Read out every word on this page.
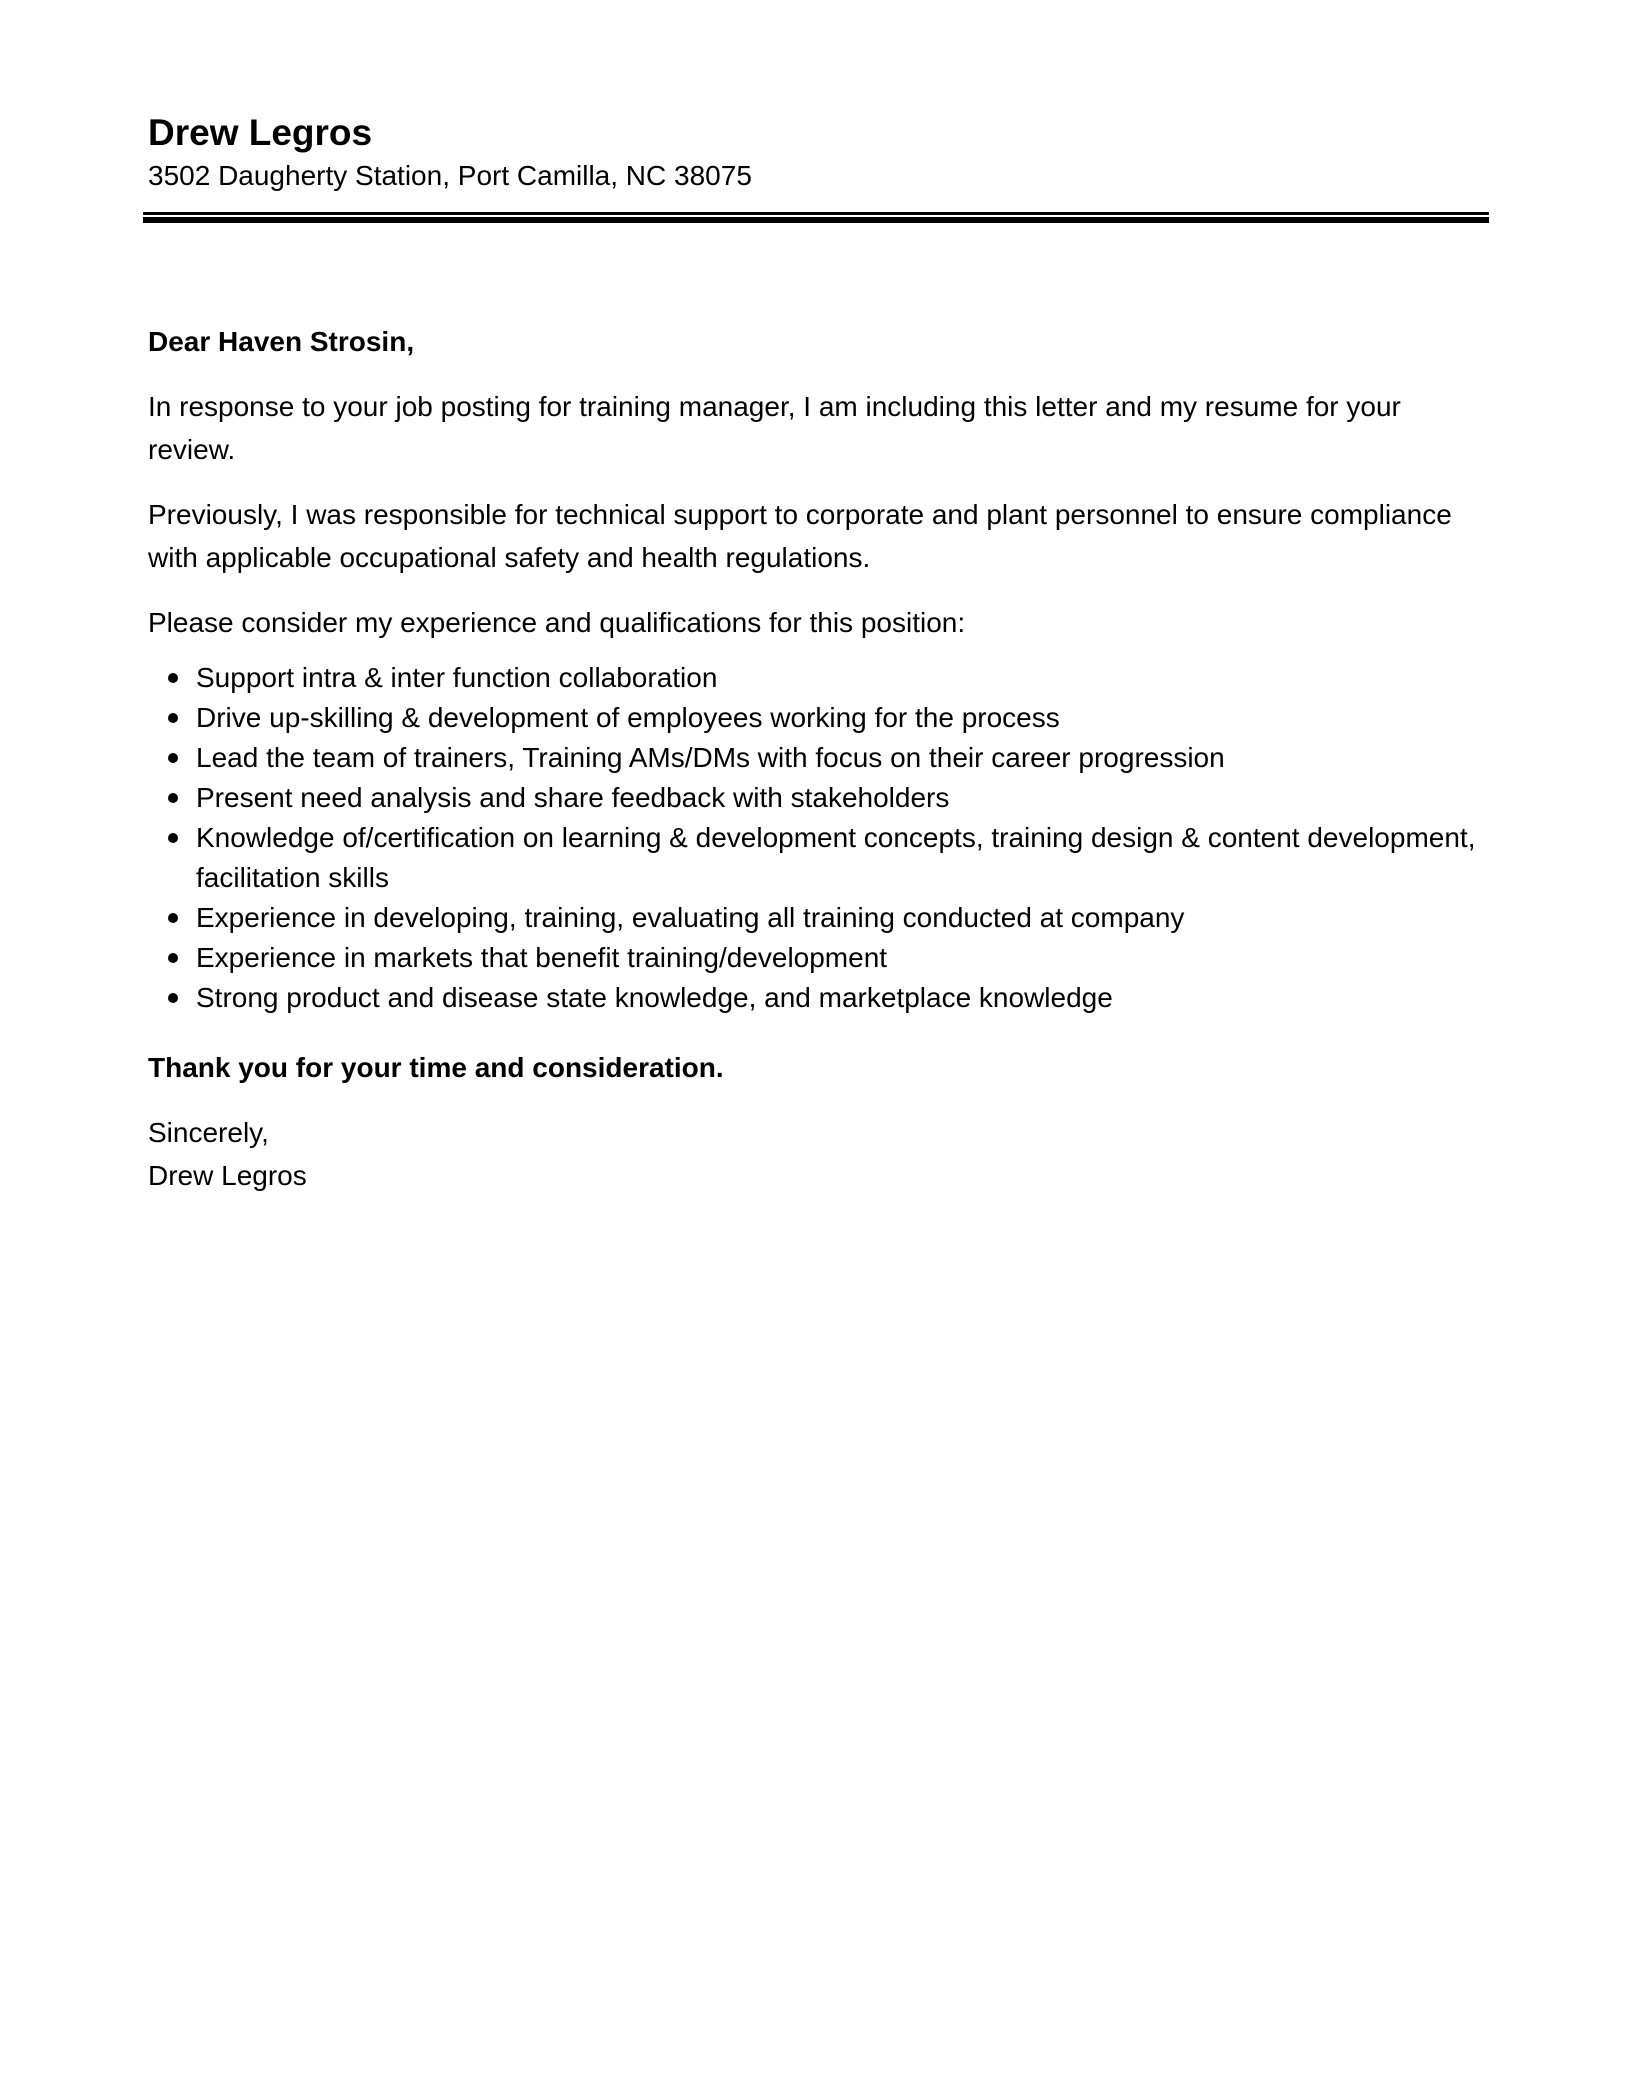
Drew Legros

3502 Daugherty Station, Port Camilla, NC 38075

Dear Haven Strosin,

In response to your job posting for training manager, I am including this letter and my resume for your review.

Previously, I was responsible for technical support to corporate and plant personnel to ensure compliance with applicable occupational safety and health regulations.

Please consider my experience and qualifications for this position:

Support intra & inter function collaboration
Drive up-skilling & development of employees working for the process
Lead the team of trainers, Training AMs/DMs with focus on their career progression
Present need analysis and share feedback with stakeholders
Knowledge of/certification on learning & development concepts, training design & content development, facilitation skills
Experience in developing, training, evaluating all training conducted at company
Experience in markets that benefit training/development
Strong product and disease state knowledge, and marketplace knowledge

Thank you for your time and consideration.

Sincerely,

Drew Legros
